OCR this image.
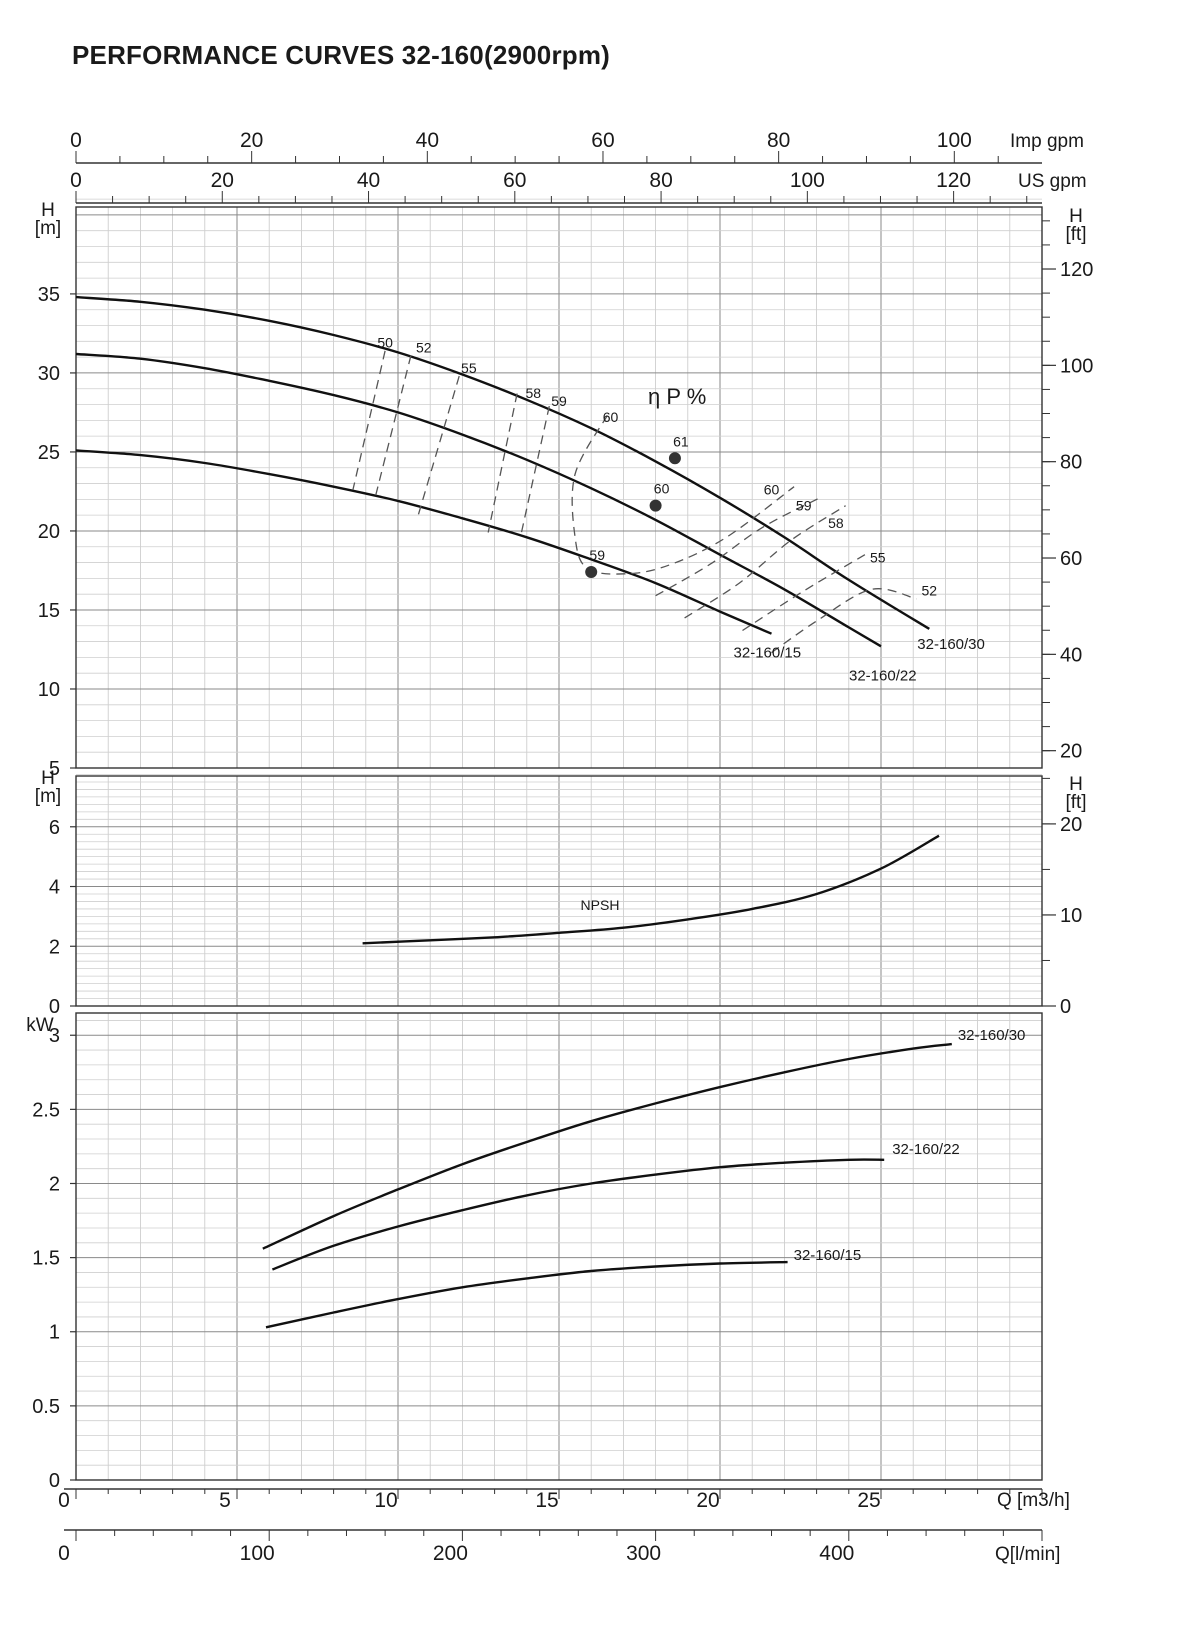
PERFORMANCE CURVES 32-160(2900rpm)
5
10
15
20
25
30
35
0
2
4
6
0
0.5
1
1.5
2
2.5
3
20
40
60
80
100
120
0
10
20
H
[m]
H
[ft]
H
[m]
H
[ft]
kW
0	20	40	60	80	100 Imp gpm
0	20	40	60	80	100	120 US gpm
0	5	10	15	20	25	Q [m3/h]
0	100	200	300	400	Q[l/min]
32-160/30
32-160/22
32-160/15
50 52
55
58 59
60
60
59
58
55
52
61
60
59
η P %
NPSH
32-160/30
32-160/22
32-160/15
